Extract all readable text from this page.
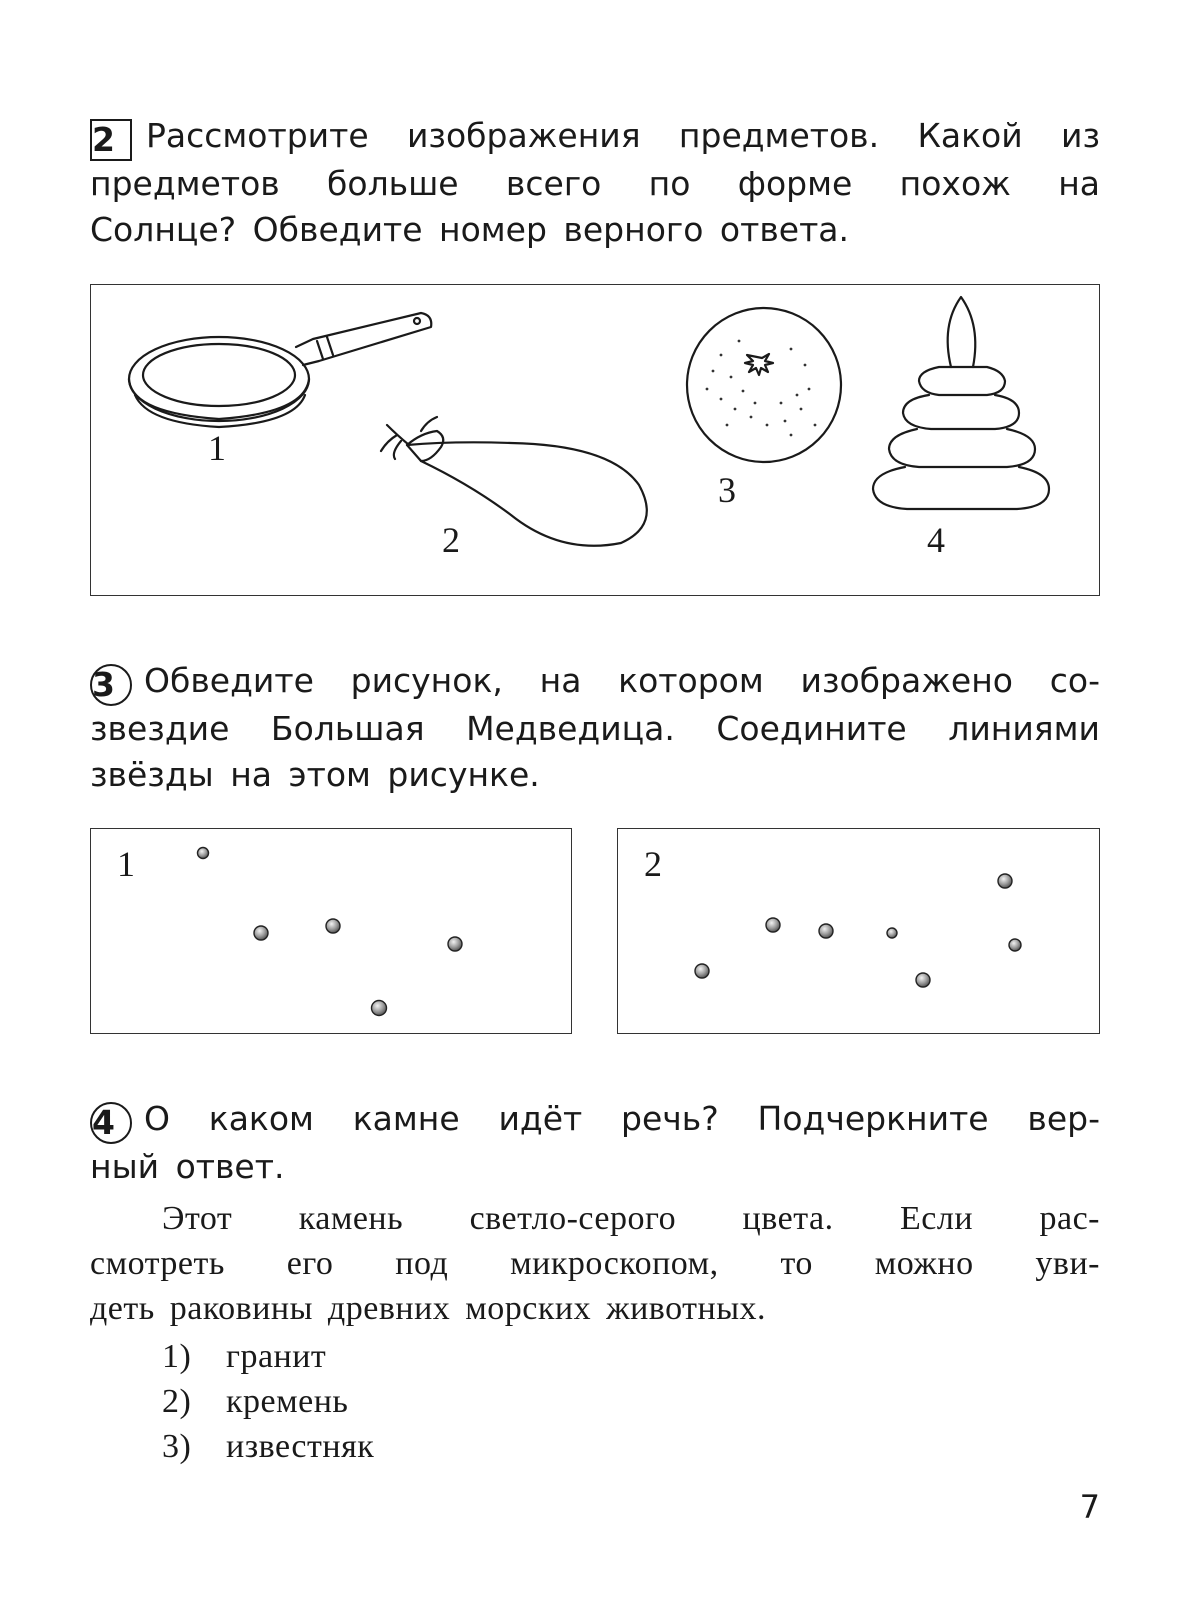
2 Рассмотрите изображения предметов. Какой из
предметов больше всего по форме похож на
Солнце? Обведите номер верного ответа.
1
2
3
4
3 Обведите рисунок, на котором изображено со-
звездие Большая Медведица. Соедините линиями
звёзды на этом рисунке.
1	2
4 О каком камне идёт речь? Подчеркните вер-
ный ответ.
Этот камень светло-серого цвета. Если рас-
смотреть его под микроскопом, то можно уви-
деть раковины древних морских животных.
1) гранит
2) кремень
3) известняк
7
